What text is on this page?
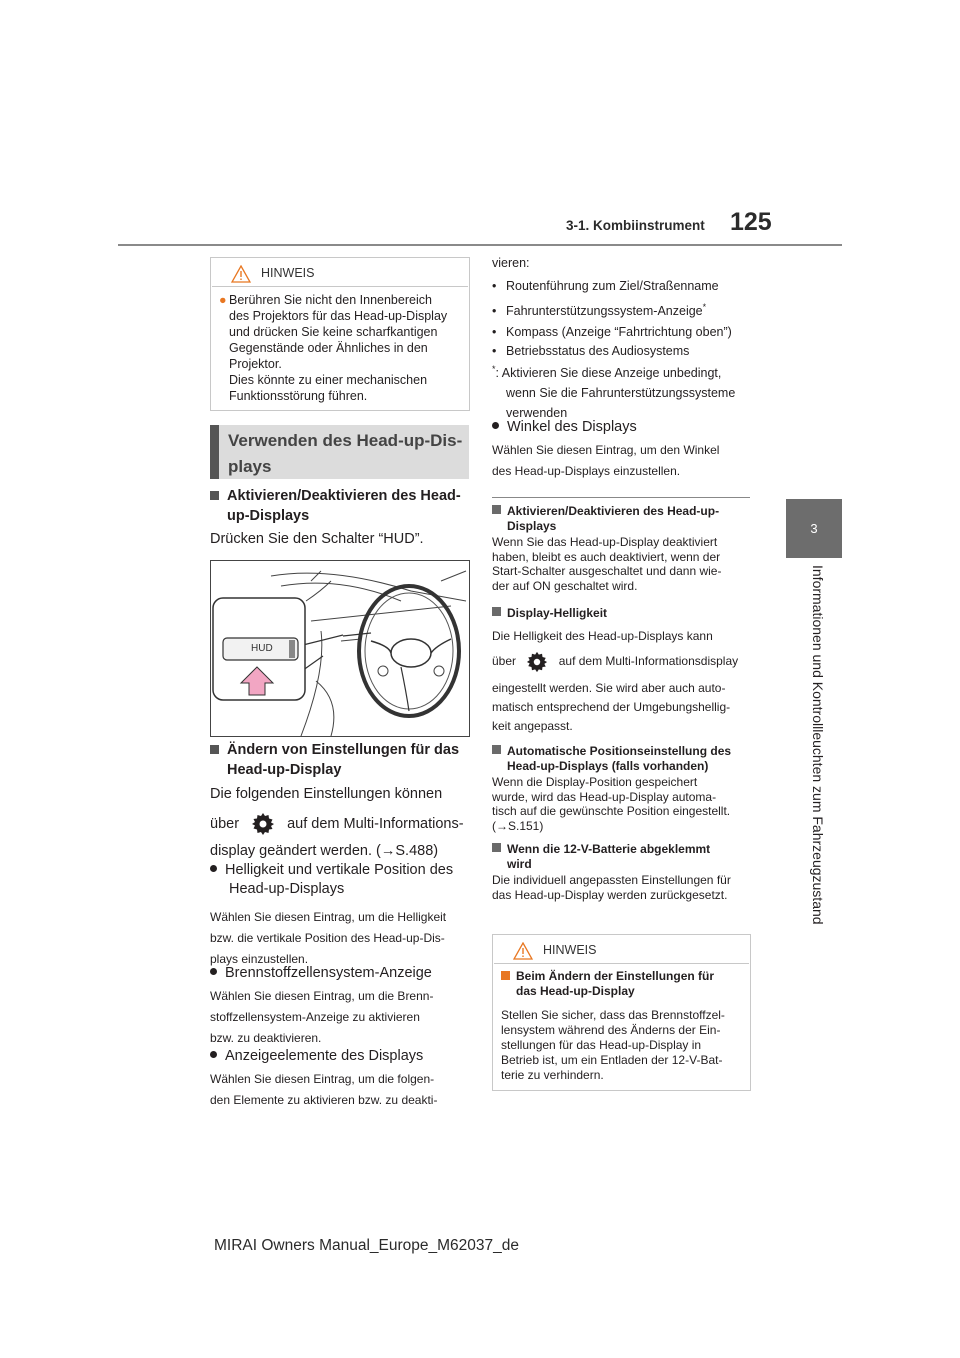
3-1. Kombiinstrument 125
3
Informationen und Kontrollleuchten zum Fahrzeugzustand
HINWEIS
● Berühren Sie nicht den Innenbereich

des Projektors für das Head-up-Display

und drücken Sie keine scharfkantigen

Gegenstände oder Ähnliches in den

Projektor.

Dies könnte zu einer mechanischen

Funktionsstörung führen.

Verwenden des Head-up-Dis-

plays

Aktivieren/Deaktivieren des Head-

up-Displays

Drücken Sie den Schalter “HUD”.
HUD

Ändern von Einstellungen für das

Head-up-Display

Die folgenden Einstellungen können
über	auf dem Multi-Informations-
display geändert werden. (→S.488)
Helligkeit und vertikale Position des
Head-up-Displays

Wählen Sie diesen Eintrag, um die Helligkeit

bzw. die vertikale Position des Head-up-Dis-

plays einzustellen.

Brennstoffzellensystem-Anzeige

Wählen Sie diesen Eintrag, um die Brenn-

stoffzellensystem-Anzeige zu aktivieren

bzw. zu deaktivieren.

Anzeigeelemente des Displays

Wählen Sie diesen Eintrag, um die folgen-

den Elemente zu aktivieren bzw. zu deakti-

vieren:

• Routenführung zum Ziel/Straßenname

• Fahrunterstützungssystem-Anzeige*

• Kompass (Anzeige “Fahrtrichtung oben”)

• Betriebsstatus des Audiosystems

*: Aktivieren Sie diese Anzeige unbedingt,

wenn Sie die Fahrunterstützungssysteme

verwenden

Winkel des Displays

Wählen Sie diesen Eintrag, um den Winkel

des Head-up-Displays einzustellen.

Aktivieren/Deaktivieren des Head-up-

Displays

Wenn Sie das Head-up-Display deaktiviert

haben, bleibt es auch deaktiviert, wenn der

Start-Schalter ausgeschaltet und dann wie-

der auf ON geschaltet wird.

Display-Helligkeit

Die Helligkeit des Head-up-Displays kann

über	auf dem Multi-Informationsdisplay

eingestellt werden. Sie wird aber auch auto-

matisch entsprechend der Umgebungshellig-

keit angepasst.

Automatische Positionseinstellung des

Head-up-Displays (falls vorhanden)

Wenn die Display-Position gespeichert

wurde, wird das Head-up-Display automa-

tisch auf die gewünschte Position eingestellt.

(→S.151)

Wenn die 12-V-Batterie abgeklemmt

wird

Die individuell angepassten Einstellungen für

das Head-up-Display werden zurückgesetzt.

HINWEIS

Beim Ändern der Einstellungen für

das Head-up-Display

Stellen Sie sicher, dass das Brennstoffzel-

lensystem während des Änderns der Ein-

stellungen für das Head-up-Display in

Betrieb ist, um ein Entladen der 12-V-Bat-

terie zu verhindern.

MIRAI Owners Manual_Europe_M62037_de
